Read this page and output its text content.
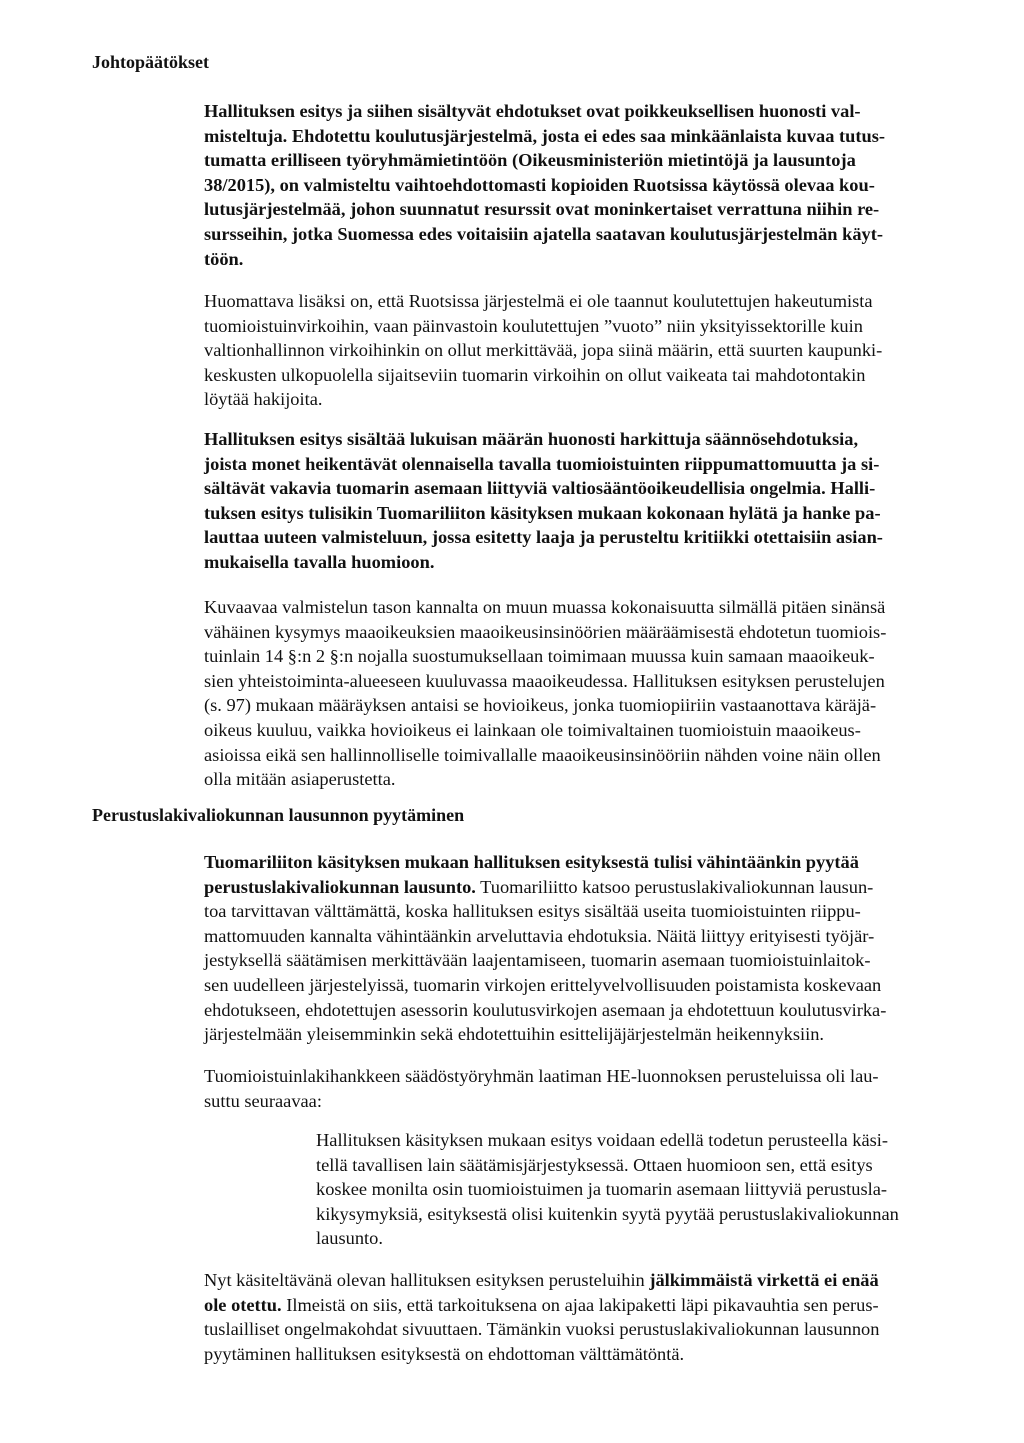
Johtopäätökset

Hallituksen esitys ja siihen sisältyvät ehdotukset ovat poikkeuksellisen huonosti val-
misteltuja. Ehdotettu koulutusjärjestelmä, josta ei edes saa minkäänlaista kuvaa tutus-
tumatta erilliseen työryhmämietintöön (Oikeusministeriön mietintöjä ja lausuntoja
38/2015), on valmisteltu vaihtoehdottomasti kopioiden Ruotsissa käytössä olevaa kou-
lutusjärjestelmää, johon suunnatut resurssit ovat moninkertaiset verrattuna niihin re-
sursseihin, jotka Suomessa edes voitaisiin ajatella saatavan koulutusjärjestelmän käyt-
töön.

Huomattava lisäksi on, että Ruotsissa järjestelmä ei ole taannut koulutettujen hakeutumista
tuomioistuinvirkoihin, vaan päinvastoin koulutettujen ”vuoto” niin yksityissektorille kuin
valtionhallinnon virkoihinkin on ollut merkittävää, jopa siinä määrin, että suurten kaupunki-
keskusten ulkopuolella sijaitseviin tuomarin virkoihin on ollut vaikeata tai mahdotontakin
löytää hakijoita.

Hallituksen esitys sisältää lukuisan määrän huonosti harkittuja säännösehdotuksia,
joista monet heikentävät olennaisella tavalla tuomioistuinten riippumattomuutta ja si-
sältävät vakavia tuomarin asemaan liittyviä valtiosääntöoikeudellisia ongelmia. Halli-
tuksen esitys tulisikin Tuomariliiton käsityksen mukaan kokonaan hylätä ja hanke pa-
lauttaa uuteen valmisteluun, jossa esitetty laaja ja perusteltu kritiikki otettaisiin asian-
mukaisella tavalla huomioon.

Kuvaavaa valmistelun tason kannalta on muun muassa kokonaisuutta silmällä pitäen sinänsä
vähäinen kysymys maaoikeuksien maaoikeusinsinöörien määräämisestä ehdotetun tuomiois-
tuinlain 14 §:n 2 §:n nojalla suostumuksellaan toimimaan muussa kuin samaan maaoikeuk-
sien yhteistoiminta-alueeseen kuuluvassa maaoikeudessa. Hallituksen esityksen perustelujen
(s. 97) mukaan määräyksen antaisi se hovioikeus, jonka tuomiopiiriin vastaanottava käräjä-
oikeus kuuluu, vaikka hovioikeus ei lainkaan ole toimivaltainen tuomioistuin maaoikeus-
asioissa eikä sen hallinnolliselle toimivallalle maaoikeusinsinööriin nähden voine näin ollen
olla mitään asiaperustetta.

Perustuslakivaliokunnan lausunnon pyytäminen

Tuomariliiton käsityksen mukaan hallituksen esityksestä tulisi vähintäänkin pyytää
perustuslakivaliokunnan lausunto. Tuomariliitto katsoo perustuslakivaliokunnan lausun-
toa tarvittavan välttämättä, koska hallituksen esitys sisältää useita tuomioistuinten riippu-
mattomuuden kannalta vähintäänkin arveluttavia ehdotuksia. Näitä liittyy erityisesti työjär-
jestyksellä säätämisen merkittävään laajentamiseen, tuomarin asemaan tuomioistuinlaitok-
sen uudelleen järjestelyissä, tuomarin virkojen erittelyvelvollisuuden poistamista koskevaan
ehdotukseen, ehdotettujen asessorin koulutusvirkojen asemaan ja ehdotettuun koulutusvirka-
järjestelmään yleisemminkin sekä ehdotettuihin esittelijäjärjestelmän heikennyksiin.

Tuomioistuinlakihankkeen säädöstyöryhmän laatiman HE-luonnoksen perusteluissa oli lau-
suttu seuraavaa:

Hallituksen käsityksen mukaan esitys voidaan edellä todetun perusteella käsi-
tellä tavallisen lain säätämisjärjestyksessä. Ottaen huomioon sen, että esitys
koskee monilta osin tuomioistuimen ja tuomarin asemaan liittyviä perustusla-
kikysymyksiä, esityksestä olisi kuitenkin syytä pyytää perustuslakivaliokunnan
lausunto.

Nyt käsiteltävänä olevan hallituksen esityksen perusteluihin jälkimmäistä virkettä ei enää
ole otettu. Ilmeistä on siis, että tarkoituksena on ajaa lakipaketti läpi pikavauhtia sen perus-
tuslailliset ongelmakohdat sivuuttaen. Tämänkin vuoksi perustuslakivaliokunnan lausunnon
pyytäminen hallituksen esityksestä on ehdottoman välttämätöntä.
